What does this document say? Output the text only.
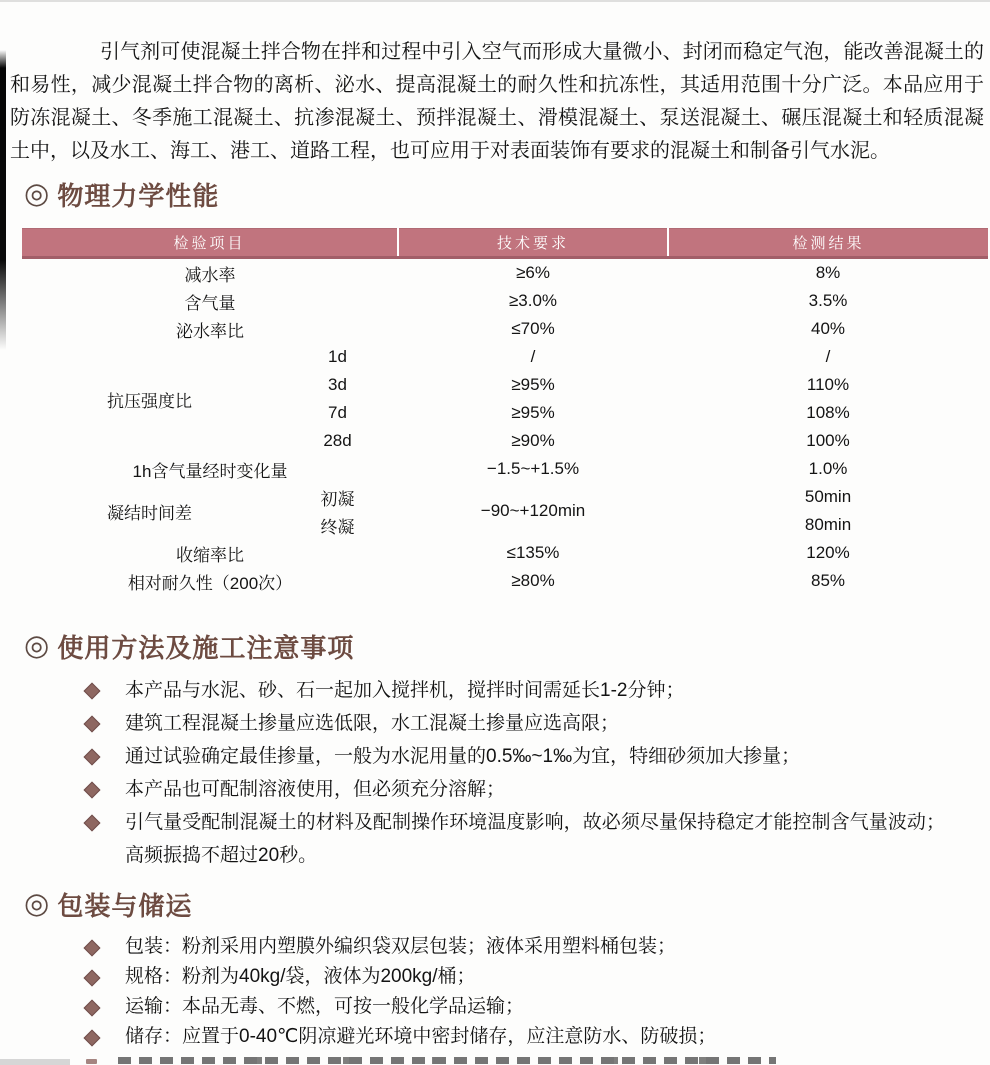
引气剂可使混凝土拌合物在拌和过程中引入空气而形成大量微小、封闭而稳定气泡，能改善混凝土的和易性，减少混凝土拌合物的离析、泌水、提高混凝土的耐久性和抗冻性，其适用范围十分广泛。本品应用于防冻混凝土、冬季施工混凝土、抗渗混凝土、预拌混凝土、滑模混凝土、泵送混凝土、碾压混凝土和轻质混凝土中，以及水工、海工、港工、道路工程，也可应用于对表面装饰有要求的混凝土和制备引气水泥。

◎ 物理力学性能
检验项目		技术要求	检测结果
减水率		≥6%	8%
含气量		≥3.0%	3.5%
泌水率比		≤70%	40%
抗压强度比	1d	/	/
	3d	≥95%	110%
	7d	≥95%	108%
	28d	≥90%	100%
1h含气量经时变化量		−1.5~+1.5%	1.0%
凝结时间差	初凝	−90~+120min	50min
	终凝		80min
收缩率比		≤135%	120%
相对耐久性（200次）		≥80%	85%
◎ 使用方法及施工注意事项
本产品与水泥、砂、石一起加入搅拌机，搅拌时间需延长1-2分钟；
建筑工程混凝土掺量应选低限，水工混凝土掺量应选高限；
通过试验确定最佳掺量，一般为水泥用量的0.5‰~1‰为宜，特细砂须加大掺量；
本产品也可配制溶液使用，但必须充分溶解；
引气量受配制混凝土的材料及配制操作环境温度影响，故必须尽量保持稳定才能控制含气量波动；高频振捣不超过20秒。
◎ 包装与储运
包装：粉剂采用内塑膜外编织袋双层包装；液体采用塑料桶包装；
规格：粉剂为40kg/袋，液体为200kg/桶；
运输：本品无毒、不燃，可按一般化学品运输；
储存：应置于0-40℃阴凉避光环境中密封储存，应注意防水、防破损；
